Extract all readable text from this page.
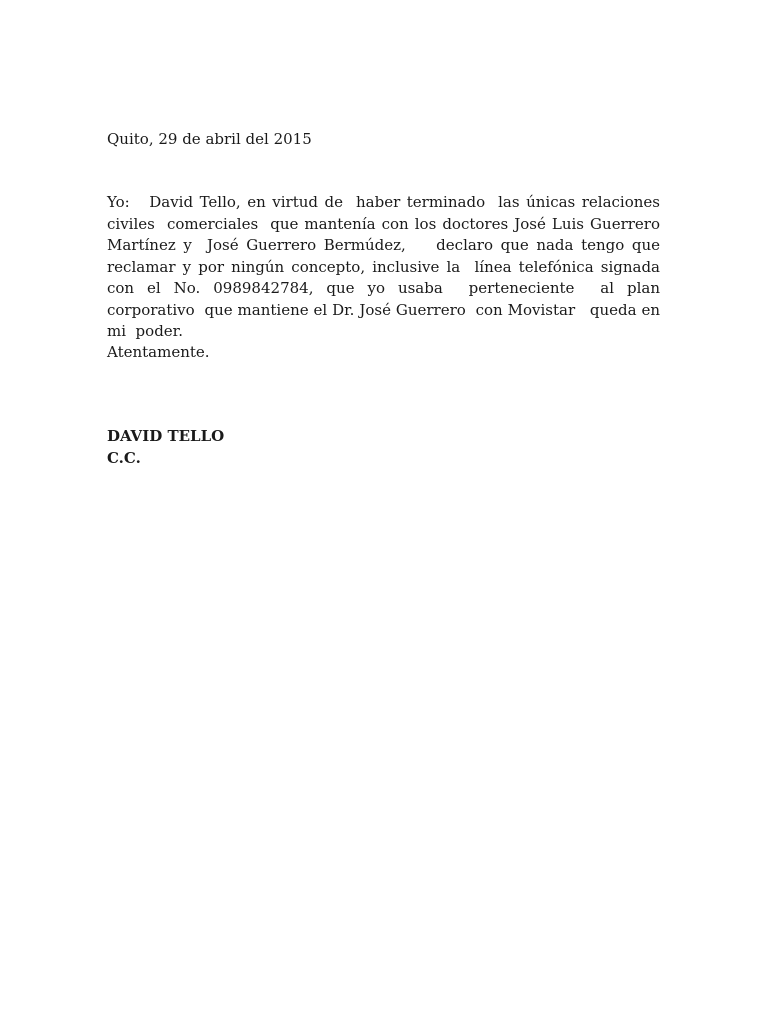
Quito, 29 de abril del 2015

Yo:   David Tello, en virtud de  haber terminado  las únicas relaciones civiles  comerciales  que mantenía con los doctores José Luis Guerrero Martínez y  José Guerrero Bermúdez,    declaro que nada tengo que reclamar y por ningún concepto, inclusive la  línea telefónica signada con el No. 0989842784, que yo usaba  perteneciente  al plan corporativo  que mantiene el Dr. José Guerrero  con Movistar   queda en mi  poder.

Atentamente.

DAVID TELLO
C.C.
